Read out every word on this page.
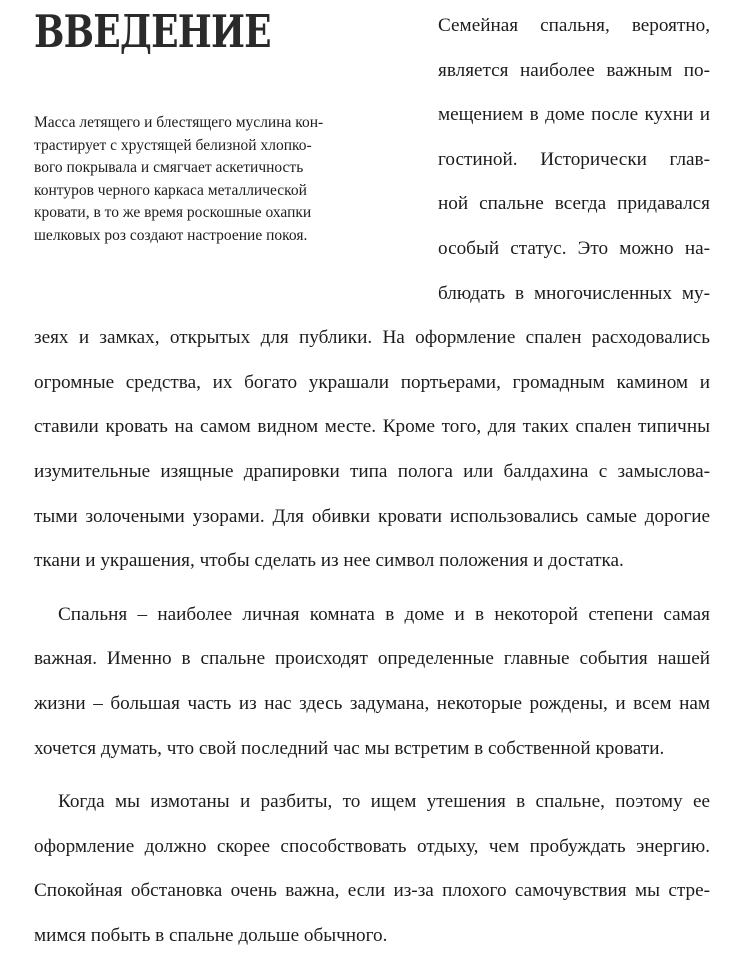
ВВЕДЕНИЕ

Масса летящего и блестящего муслина кон-
трастирует с хрустящей белизной хлопко-
вого покрывала и смягчает аскетичность
контуров черного каркаса металлической
кровати, в то же время роскошные охапки
шелковых роз создают настроение покоя.

Семейная спальня, вероятно,
является наиболее важным по-
мещением в доме после кухни и
гостиной. Исторически глав-
ной спальне всегда придавался
особый статус. Это можно на-
блюдать в многочисленных му-
зеях и замках, открытых для публики. На оформление спален расходовались
огромные средства, их богато украшали портьерами, громадным камином и
ставили кровать на самом видном месте. Кроме того, для таких спален типичны
изумительные изящные драпировки типа полога или балдахина с замыслова-
тыми золочеными узорами. Для обивки кровати использовались самые дорогие
ткани и украшения, чтобы сделать из нее символ положения и достатка.
Спальня – наиболее личная комната в доме и в некоторой степени самая
важная. Именно в спальне происходят определенные главные события нашей
жизни – большая часть из нас здесь задумана, некоторые рождены, и всем нам
хочется думать, что свой последний час мы встретим в собственной кровати.
Когда мы измотаны и разбиты, то ищем утешения в спальне, поэтому ее
оформление должно скорее способствовать отдыху, чем пробуждать энергию.
Спокойная обстановка очень важна, если из-за плохого самочувствия мы стре-
мимся побыть в спальне дольше обычного.
